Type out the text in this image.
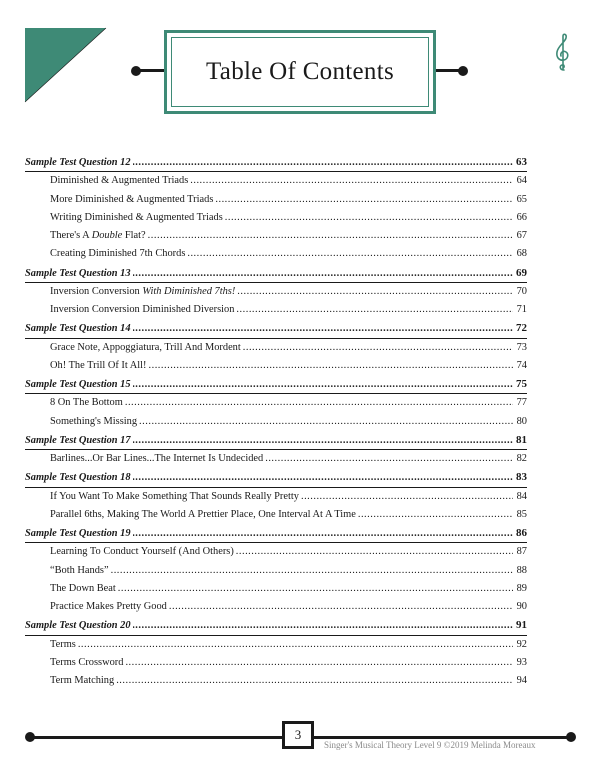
Table Of Contents
Sample Test Question 12 .....	63
Diminished & Augmented Triads .....	64
More Diminished & Augmented Triads .....	65
Writing Diminished & Augmented Triads .....	66
There's A Double Flat? .....	67
Creating Diminished 7th Chords .....	68
Sample Test Question 13 .....	69
Inversion Conversion With Diminished 7ths! .....	70
Inversion Conversion Diminished Diversion .....	71
Sample Test Question 14 .....	72
Grace Note, Appoggiatura, Trill And Mordent .....	73
Oh! The Trill Of It All! .....	74
Sample Test Question 15 .....	75
8 On The Bottom .....	77
Something's Missing .....	80
Sample Test Question 17 .....	81
Barlines...Or Bar Lines...The Internet Is Undecided .....	82
Sample Test Question 18 .....	83
If You Want To Make Something That Sounds Really Pretty .....	84
Parallel 6ths, Making The World A Prettier Place, One Interval At A Time .....	85
Sample Test Question 19 .....	86
Learning To Conduct Yourself (And Others) .....	87
“Both Hands” .....	88
The Down Beat .....	89
Practice Makes Pretty Good .....	90
Sample Test Question 20 .....	91
Terms .....	92
Terms Crossword .....	93
Term Matching .....	94
3
Singer's Musical Theory Level 9 ©2019 Melinda Moreaux
